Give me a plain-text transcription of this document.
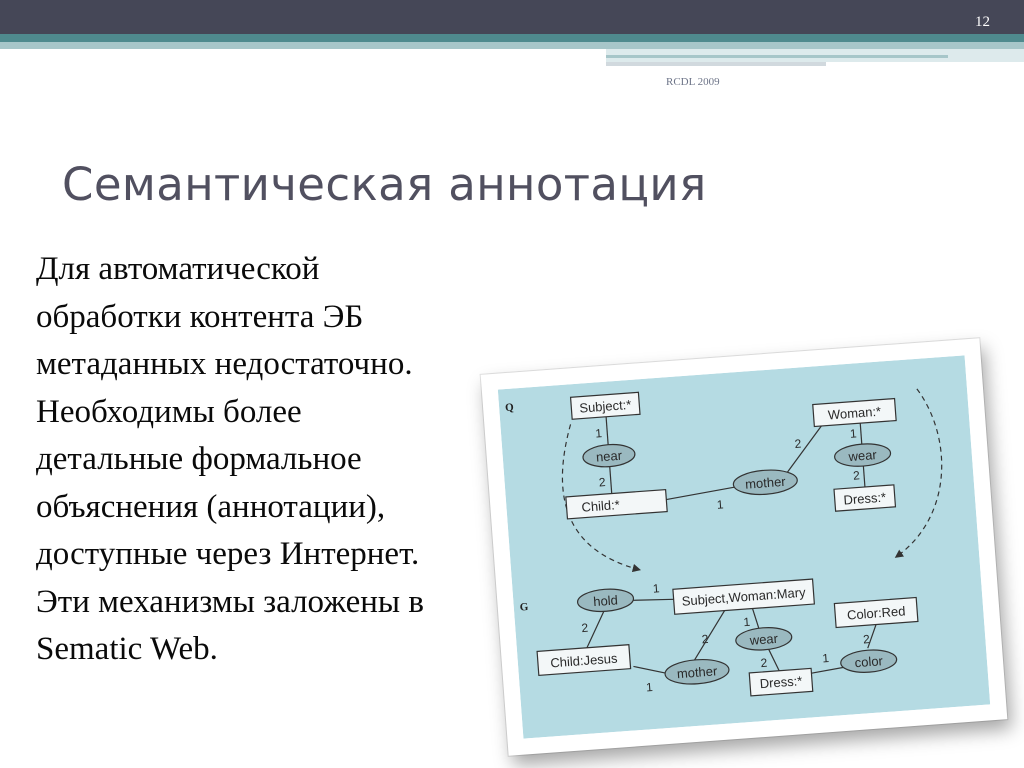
12
RCDL 2009
Семантическая аннотация

Для автоматической
обработки контента ЭБ
метаданных недостаточно.
Необходимы более
детальные формальное
объяснения (аннотации),
доступные через Интернет.
Эти механизмы заложены в
Sematic Web.

Q
G
Subject:*
near
Child:*
mother
Woman:*
wear
Dress:*
hold	Subject,Woman:Mary
Color:Red
Child:Jesus
wear
mother
color
Dress:*
1
2
1
2
1
2
1
2
2
1
1
2	1
2
